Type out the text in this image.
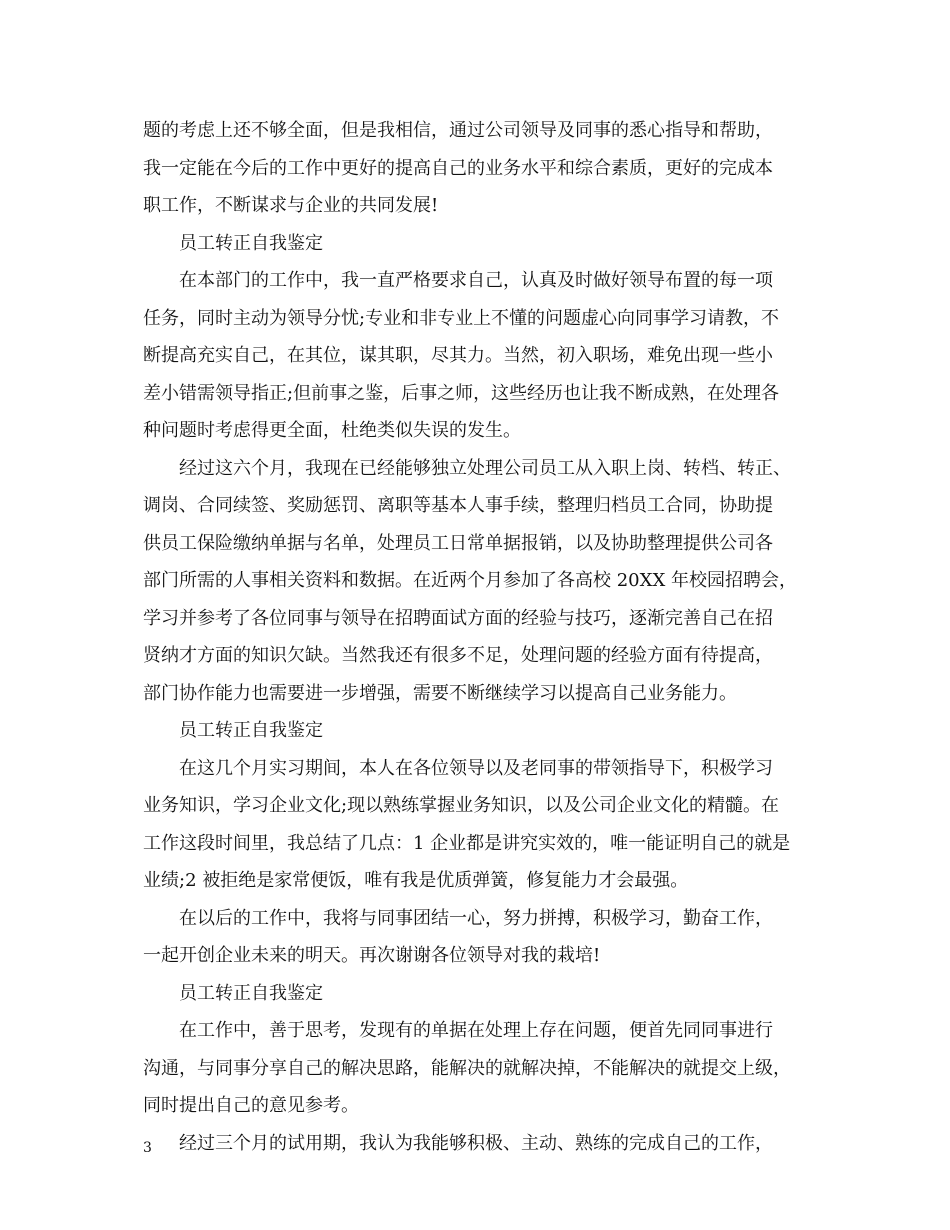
题的考虑上还不够全面，但是我相信，通过公司领导及同事的悉心指导和帮助，
我一定能在今后的工作中更好的提高自己的业务水平和综合素质，更好的完成本
职工作，不断谋求与企业的共同发展!
员工转正自我鉴定
在本部门的工作中，我一直严格要求自己，认真及时做好领导布置的每一项
任务，同时主动为领导分忧;专业和非专业上不懂的问题虚心向同事学习请教，不
断提高充实自己，在其位，谋其职，尽其力。当然，初入职场，难免出现一些小
差小错需领导指正;但前事之鉴，后事之师，这些经历也让我不断成熟，在处理各
种问题时考虑得更全面，杜绝类似失误的发生。
经过这六个月，我现在已经能够独立处理公司员工从入职上岗、转档、转正、
调岗、合同续签、奖励惩罚、离职等基本人事手续，整理归档员工合同，协助提
供员工保险缴纳单据与名单，处理员工日常单据报销，以及协助整理提供公司各
部门所需的人事相关资料和数据。在近两个月参加了各高校 20XX 年校园招聘会，
学习并参考了各位同事与领导在招聘面试方面的经验与技巧，逐渐完善自己在招
贤纳才方面的知识欠缺。当然我还有很多不足，处理问题的经验方面有待提高，
部门协作能力也需要进一步增强，需要不断继续学习以提高自己业务能力。
员工转正自我鉴定
在这几个月实习期间，本人在各位领导以及老同事的带领指导下，积极学习
业务知识，学习企业文化;现以熟练掌握业务知识，以及公司企业文化的精髓。在
工作这段时间里，我总结了几点：1 企业都是讲究实效的，唯一能证明自己的就是
业绩;2 被拒绝是家常便饭，唯有我是优质弹簧，修复能力才会最强。
在以后的工作中，我将与同事团结一心，努力拼搏，积极学习，勤奋工作，
一起开创企业未来的明天。再次谢谢各位领导对我的栽培!
员工转正自我鉴定
在工作中，善于思考，发现有的单据在处理上存在问题，便首先同同事进行
沟通，与同事分享自己的解决思路，能解决的就解决掉，不能解决的就提交上级，
同时提出自己的意见参考。
经过三个月的试用期，我认为我能够积极、主动、熟练的完成自己的工作，
3
